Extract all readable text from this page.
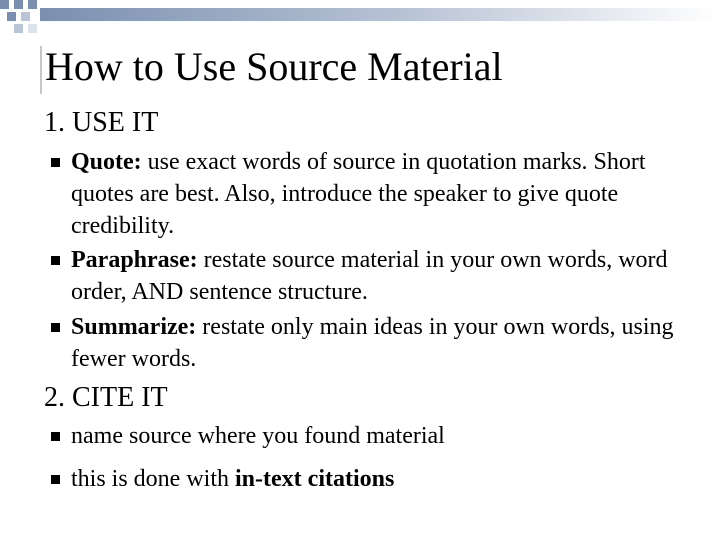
How to Use Source Material
1. USE IT
Quote: use exact words of source in quotation marks. Short quotes are best. Also, introduce the speaker to give quote credibility.
Paraphrase: restate source material in your own words, word order, AND sentence structure.
Summarize: restate only main ideas in your own words, using fewer words.
2. CITE IT
name source where you found material
this is done with in-text citations
